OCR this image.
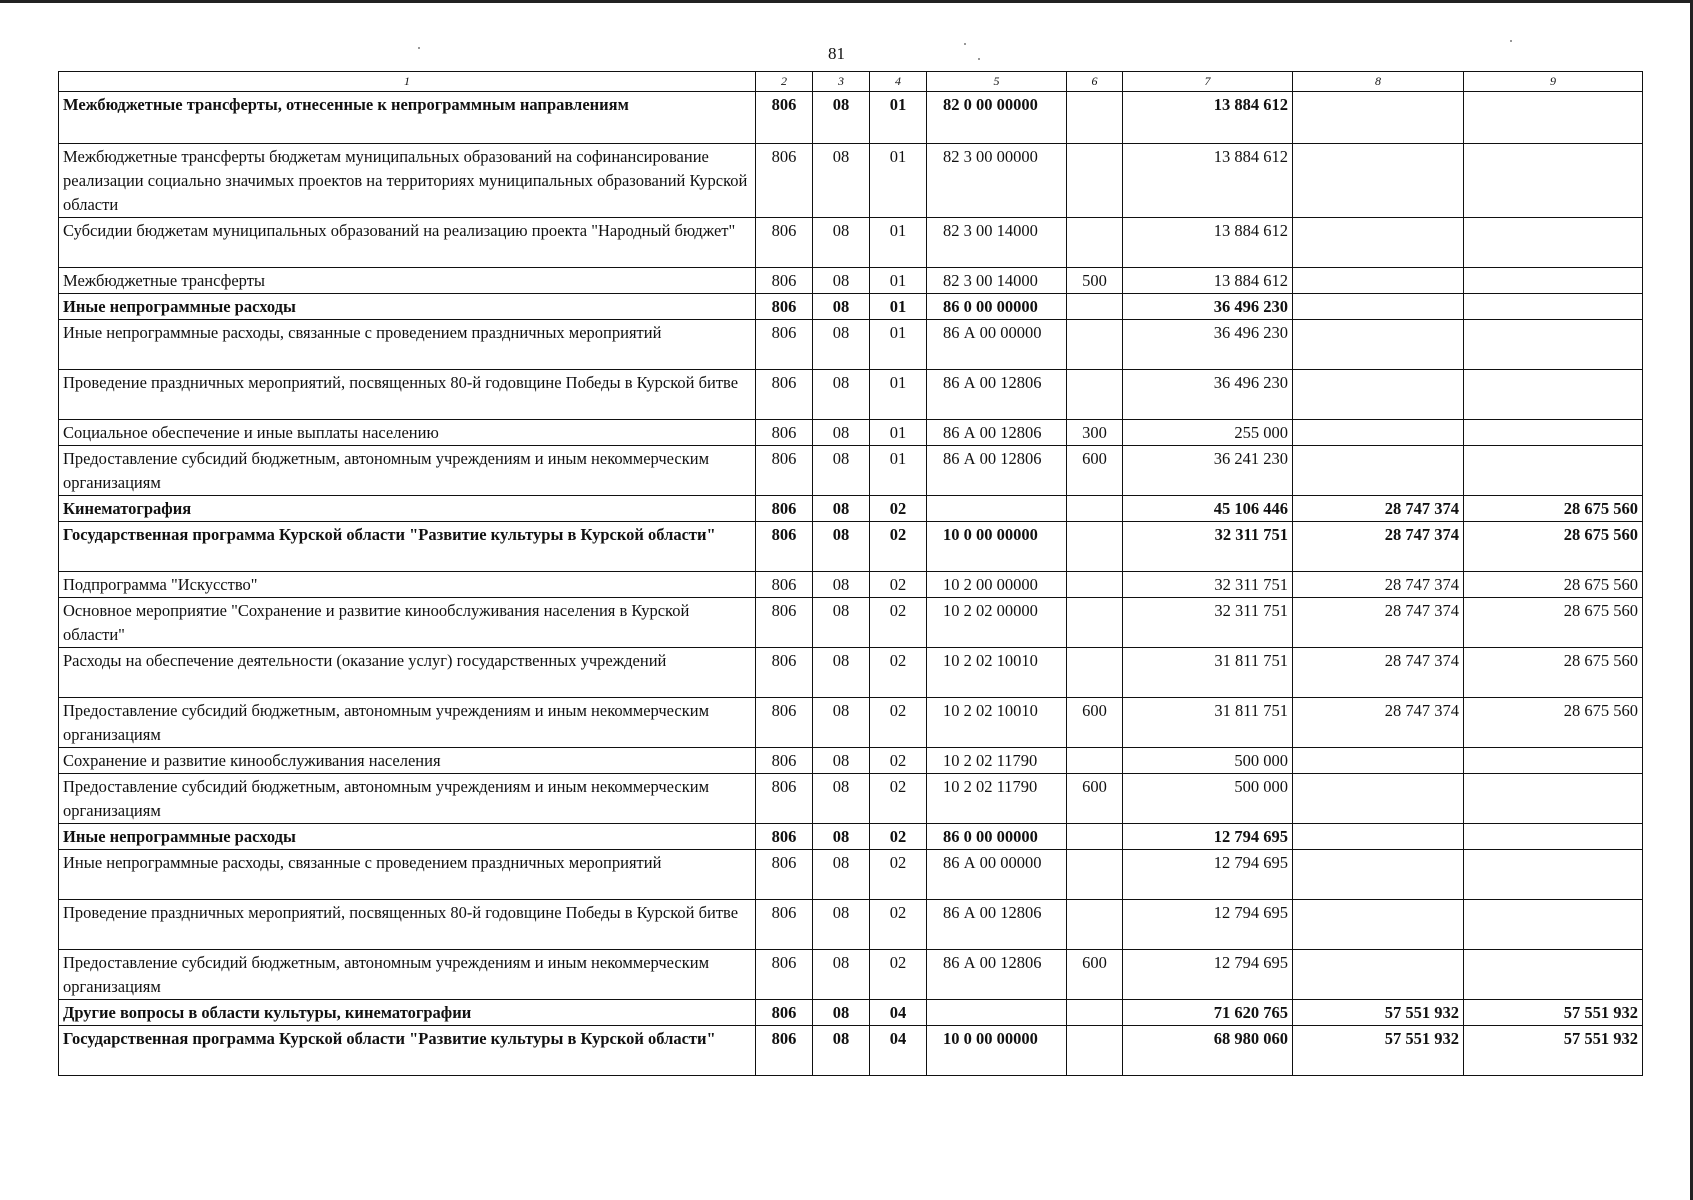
81
1	2	3	4	5	6	7	8	9
Межбюджетные трансферты, отнесенные к непрограммным направлениям	806	08	01	82 0 00 00000		13 884 612		
Межбюджетные трансферты бюджетам муниципальных образований на софинансирование реализации социально значимых проектов на территориях муниципальных образований Курской области	806	08	01	82 3 00 00000		13 884 612		
Субсидии бюджетам муниципальных образований на реализацию проекта "Народный бюджет"	806	08	01	82 3 00 14000		13 884 612		
Межбюджетные трансферты	806	08	01	82 3 00 14000	500	13 884 612		
Иные непрограммные расходы	806	08	01	86 0 00 00000		36 496 230		
Иные непрограммные расходы, связанные с проведением праздничных мероприятий	806	08	01	86 А 00 00000		36 496 230		
Проведение праздничных мероприятий, посвященных 80-й годовщине Победы в Курской битве	806	08	01	86 А 00 12806		36 496 230		
Социальное обеспечение и иные выплаты населению	806	08	01	86 А 00 12806	300	255 000		
Предоставление субсидий бюджетным, автономным учреждениям и иным некоммерческим организациям	806	08	01	86 А 00 12806	600	36 241 230		
Кинематография	806	08	02			45 106 446	28 747 374	28 675 560
Государственная программа Курской области "Развитие культуры в Курской области"	806	08	02	10 0 00 00000		32 311 751	28 747 374	28 675 560
Подпрограмма "Искусство"	806	08	02	10 2 00 00000		32 311 751	28 747 374	28 675 560
Основное мероприятие "Сохранение и развитие кинообслуживания населения в Курской области"	806	08	02	10 2 02 00000		32 311 751	28 747 374	28 675 560
Расходы на обеспечение деятельности (оказание услуг) государственных учреждений	806	08	02	10 2 02 10010		31 811 751	28 747 374	28 675 560
Предоставление субсидий бюджетным, автономным учреждениям и иным некоммерческим организациям	806	08	02	10 2 02 10010	600	31 811 751	28 747 374	28 675 560
Сохранение и развитие кинообслуживания населения	806	08	02	10 2 02 11790		500 000		
Предоставление субсидий бюджетным, автономным учреждениям и иным некоммерческим организациям	806	08	02	10 2 02 11790	600	500 000		
Иные непрограммные расходы	806	08	02	86 0 00 00000		12 794 695		
Иные непрограммные расходы, связанные с проведением праздничных мероприятий	806	08	02	86 А 00 00000		12 794 695		
Проведение праздничных мероприятий, посвященных 80-й годовщине Победы в Курской битве	806	08	02	86 А 00 12806		12 794 695		
Предоставление субсидий бюджетным, автономным учреждениям и иным некоммерческим организациям	806	08	02	86 А 00 12806	600	12 794 695		
Другие вопросы в области культуры, кинематографии	806	08	04			71 620 765	57 551 932	57 551 932
Государственная программа Курской области "Развитие культуры в Курской области"	806	08	04	10 0 00 00000		68 980 060	57 551 932	57 551 932
